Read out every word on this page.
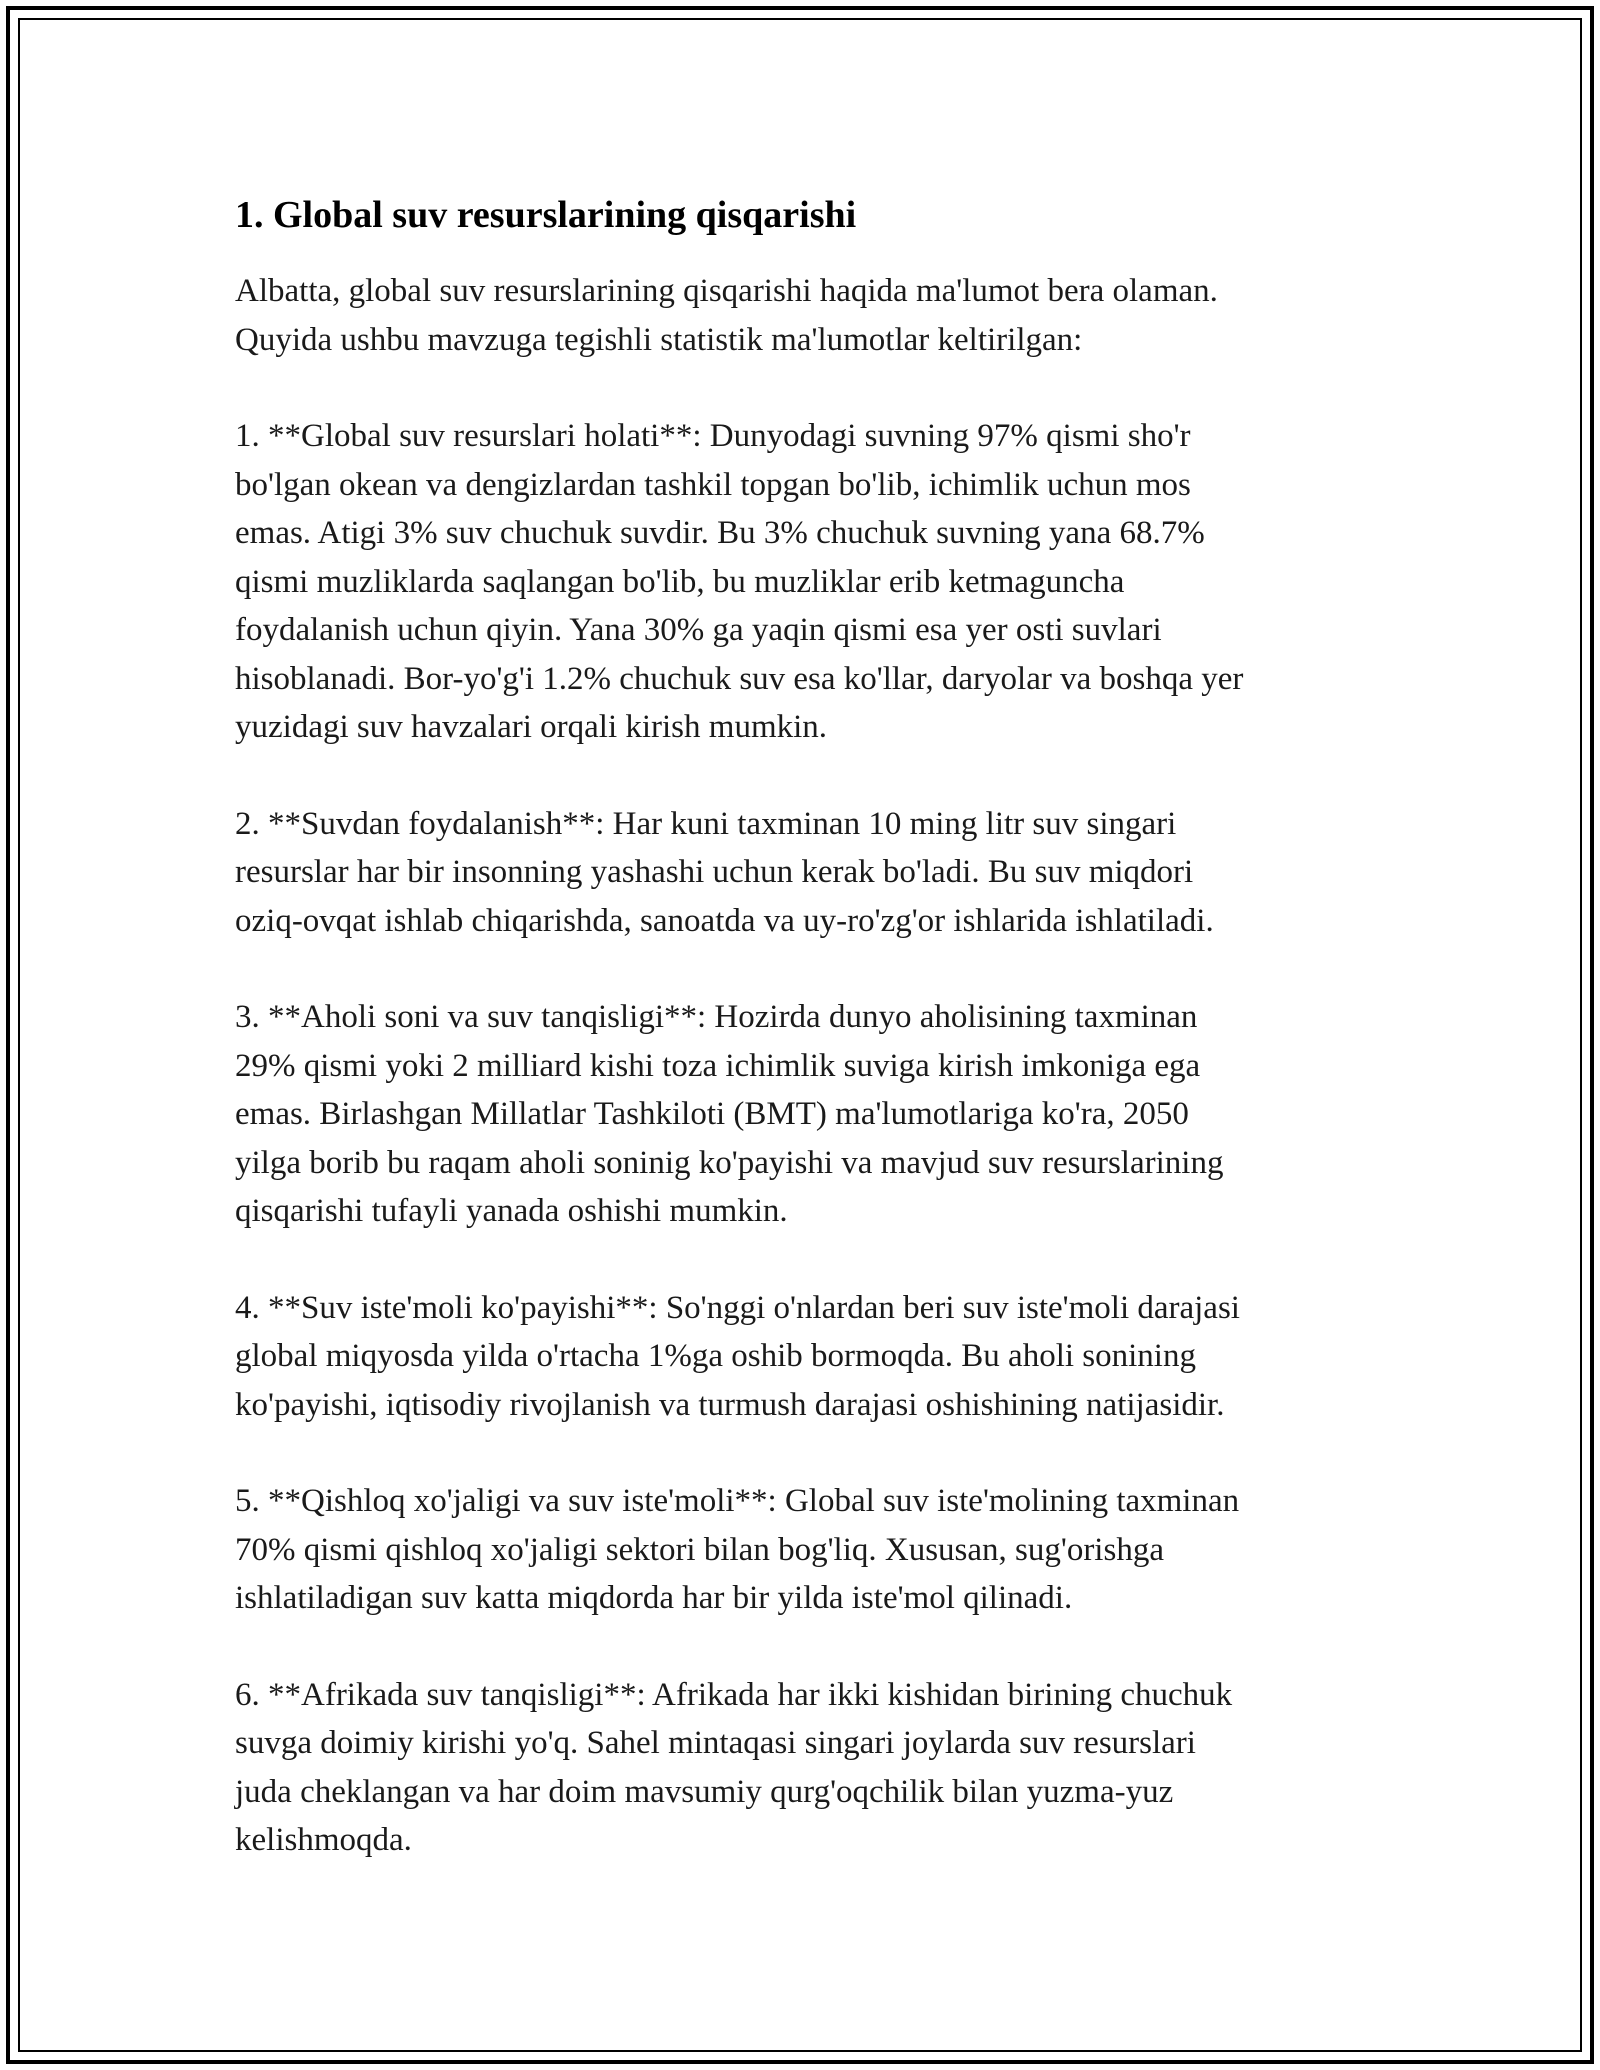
1. Global suv resurslarining qisqarishi

Albatta, global suv resurslarining qisqarishi haqida ma'lumot bera olaman.
Quyida ushbu mavzuga tegishli statistik ma'lumotlar keltirilgan:

1. **Global suv resurslari holati**: Dunyodagi suvning 97% qismi sho'r
bo'lgan okean va dengizlardan tashkil topgan bo'lib, ichimlik uchun mos
emas. Atigi 3% suv chuchuk suvdir. Bu 3% chuchuk suvning yana 68.7%
qismi muzliklarda saqlangan bo'lib, bu muzliklar erib ketmaguncha
foydalanish uchun qiyin. Yana 30% ga yaqin qismi esa yer osti suvlari
hisoblanadi. Bor-yo'g'i 1.2% chuchuk suv esa ko'llar, daryolar va boshqa yer
yuzidagi suv havzalari orqali kirish mumkin.

2. **Suvdan foydalanish**: Har kuni taxminan 10 ming litr suv singari
resurslar har bir insonning yashashi uchun kerak bo'ladi. Bu suv miqdori
oziq-ovqat ishlab chiqarishda, sanoatda va uy-ro'zg'or ishlarida ishlatiladi.

3. **Aholi soni va suv tanqisligi**: Hozirda dunyo aholisining taxminan
29% qismi yoki 2 milliard kishi toza ichimlik suviga kirish imkoniga ega
emas. Birlashgan Millatlar Tashkiloti (BMT) ma'lumotlariga ko'ra, 2050
yilga borib bu raqam aholi soninig ko'payishi va mavjud suv resurslarining
qisqarishi tufayli yanada oshishi mumkin.

4. **Suv iste'moli ko'payishi**: So'nggi o'nlardan beri suv iste'moli darajasi
global miqyosda yilda o'rtacha 1%ga oshib bormoqda. Bu aholi sonining
ko'payishi, iqtisodiy rivojlanish va turmush darajasi oshishining natijasidir.

5. **Qishloq xo'jaligi va suv iste'moli**: Global suv iste'molining taxminan
70% qismi qishloq xo'jaligi sektori bilan bog'liq. Xususan, sug'orishga
ishlatiladigan suv katta miqdorda har bir yilda iste'mol qilinadi.

6. **Afrikada suv tanqisligi**: Afrikada har ikki kishidan birining chuchuk
suvga doimiy kirishi yo'q. Sahel mintaqasi singari joylarda suv resurslari
juda cheklangan va har doim mavsumiy qurg'oqchilik bilan yuzma-yuz
kelishmoqda.
